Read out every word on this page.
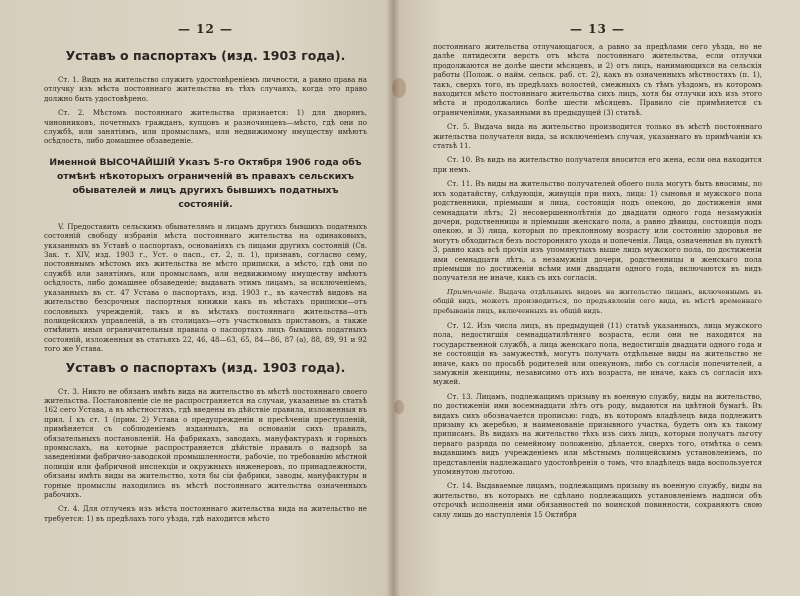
— 12 —
Уставъ о паспортахъ (изд. 1903 года).

Ст. 1. Видъ на жительство служитъ удостовѣреніемъ личности, а равно права на отлучку изъ мѣста постояннаго жительства въ тѣхъ случаяхъ, когда это право должно быть удостовѣрено.

Ст. 2. Мѣстомъ постояннаго жительства признается: 1) для дворянъ, чиновниковъ, почетныхъ гражданъ, купцовъ и разночинцевъ—мѣсто, гдѣ они по службѣ, или занятіямъ, или промысламъ, или недвижимому имуществу имѣютъ осѣдлость, либо домашнее обзаведеніе.

Именной ВЫСОЧАЙШІЙ Указъ 5-го Октября 1906 года объ отмѣнѣ нѣкоторыхъ ограниченій въ правахъ сельскихъ обывателей и лицъ другихъ бывшихъ податныхъ состояній.

V. Предоставить сельскимъ обывателямъ и лицамъ другихъ бывшихъ податныхъ состояній свободу избранія мѣста постояннаго жительства на одинаковыхъ, указанныхъ въ Уставѣ о паспортахъ, основаніяхъ съ лицами другихъ состояній (Св. Зак. т. XIV, изд. 1903 г., Уст. о пасп., ст. 2, п. 1), признавъ, согласно сему, постояннымъ мѣстомъ ихъ жительства не мѣсто приписки, а мѣсто, гдѣ они по службѣ или занятіямъ, или промысламъ, или недвижимому имуществу имѣютъ осѣдлость, либо домашнее обзаведеніе; выдавать этимъ лицамъ, за исключеніемъ, указанныхъ въ ст. 47 Устава о паспортахъ, изд. 1903 г., въ качествѣ видовъ на жительство безсрочныя паспортныя книжки какъ въ мѣстахъ приписки—отъ сословныхъ учрежденій, такъ и въ мѣстахъ постояннаго жительства—отъ полицейскихъ управленій, а въ столицахъ—отъ участковыхъ приставовъ, а также отмѣнить иныя ограничительныя правила о паспортахъ лицъ бывшихъ податныхъ состояній, изложенныя въ статьяхъ 22, 46, 48—63, 65, 84—86, 87 (а), 88, 89, 91 и 92 того же Устава.

Уставъ о паспортахъ (изд. 1903 года).

Ст. 3. Никто не обязанъ имѣть вида на жительство въ мѣстѣ постояннаго своего жительства. Постановленіе сіе не распространяется на случаи, указанные въ статьѣ 162 сего Устава, а въ мѣстностяхъ, гдѣ введены въ дѣйствіе правила, изложенныя въ прил. I къ ст. 1 (прим. 2) Устава о предупрежденіи и пресѣченіи преступленій, примѣняется съ соблюденіемъ изданныхъ, на основаніи сихъ правилъ, обязательныхъ постановленій. На фабрикахъ, заводахъ, мануфактурахъ и горныхъ промыслахъ, на которые распространяется дѣйствіе правилъ о надзорѣ за заведеніями фабрично-заводской промышленности, рабочіе, по требованію мѣстной полиціи или фабричной инспекціи и окружныхъ инженеровъ, по принадлежности, обязаны имѣть виды на жительство, хотя бы сіи фабрики, заводы, мануфактуры и горные промыслы находились въ мѣстѣ постояннаго жительства означенныхъ рабочихъ.

Ст. 4. Для отлучекъ изъ мѣста постояннаго жительства вида на жительство не требуется: 1) въ предѣлахъ того уѣзда, гдѣ находится мѣсто

— 13 —

постояннаго жительства отлучающагося, а равно за предѣлами сего уѣзда, но не далѣе пятидесяти верстъ отъ мѣста постояннаго жительства, если отлучки продолжаются не долѣе шести мѣсяцевъ, и 2) отъ лицъ, нанимающихся на сельскія работы (Полож. о найм. сельск. раб. ст. 2), какъ въ означенныхъ мѣстностяхъ (п. 1), такъ, сверхъ того, въ предѣлахъ волостей, смежныхъ съ тѣмъ уѣздомъ, въ которомъ находится мѣсто постояннаго жительства сихъ лицъ, хотя бы отлучки ихъ изъ этого мѣста и продолжались болѣе шести мѣсяцевъ. Правило сіе примѣняется съ ограниченіями, указанными въ предыдущей (3) статьѣ.

Ст. 5. Выдача вида на жительство производится только въ мѣстѣ постояннаго жительства получателя вида, за исключеніемъ случая, указаннаго въ примѣчаніи къ статьѣ 11.

Ст. 10. Въ видъ на жительство получателя вносится его жена, если она находится при немъ.

Ст. 11. Въ виды на жительство получателей обоего пола могутъ быть вносимы, по ихъ ходатайству, слѣдующія, живущія при нихъ, лица: 1) сыновья и мужского пола родственники, пріемыши и лица, состоящія подъ опекою, до достиженія ими семнадцати лѣтъ; 2) несовершеннолѣтнія до двадцати одного года незамужнія дочери, родственницы и пріемыши женскаго пола, а равно дѣвицы, состоящія подъ опекою, и 3) лица, которыя по преклонному возрасту или состоянію здоровья не могутъ обходиться безъ посторонняго ухода и попеченія. Лица, означенныя въ пунктѣ 3, равно какъ всѣ прочія изъ упомянутыхъ выше лицъ мужского пола, по достиженіи ими семнадцати лѣтъ, а незамужнія дочери, родственницы и женскаго пола пріемыши по достиженіи всѣми ими двадцати одного года, включаются въ видъ получателя не иначе, какъ съ ихъ согласія.

Примѣчаніе. Выдача отдѣльныхъ видовъ на жительство лицамъ, включеннымъ въ общій видъ, можетъ производиться, по предъявленіи сего вида, въ мѣстѣ временнаго пребыванія лицъ, включенныхъ въ общій видъ.

Ст. 12. Изъ числа лицъ, въ предыдущей (11) статьѣ указанныхъ, лица мужского пола, недостигшія семнадцатилѣтняго возраста, если они не находятся на государственной службѣ, а лица женскаго пола, недостигшія двадцати одного года и не состоящія въ замужествѣ, могутъ получать отдѣльные виды на жительство не иначе, какъ по просьбѣ родителей или опекуновъ, либо съ согласія попечителей, а замужнія женщины, независимо отъ ихъ возраста, не иначе, какъ съ согласія ихъ мужей.

Ст. 13. Лицамъ, подлежащимъ призыву въ военную службу, виды на жительство, по достиженіи ими восемнадцати лѣтъ отъ роду, выдаются на цвѣтной бумагѣ. Въ видахъ сихъ обозначается прописью: годъ, въ которомъ владѣлецъ вида подлежитъ призыву къ жеребью, и наименованіе призывного участка, будетъ онъ къ такому приписанъ. Въ видахъ на жительство тѣхъ изъ сихъ лицъ, которыя получатъ льготу перваго разряда по семейному положенію, дѣлается, сверхъ того, отмѣтка о семъ выдавшимъ видъ учрежденіемъ или мѣстнымъ полицейскимъ установленіемъ, по представленіи надлежащаго удостовѣренія о томъ, что владѣлецъ вида воспользуется упомянутою льготою.

Ст. 14. Выдаваемые лицамъ, подлежащимъ призыву въ военную службу, виды на жительство, въ которыхъ не сдѣлано подлежащихъ установленіемъ надписи объ отсрочкѣ исполненія ими обязанностей по воинской повинности, сохраняютъ свою силу лишь до наступленія 15 Октября
